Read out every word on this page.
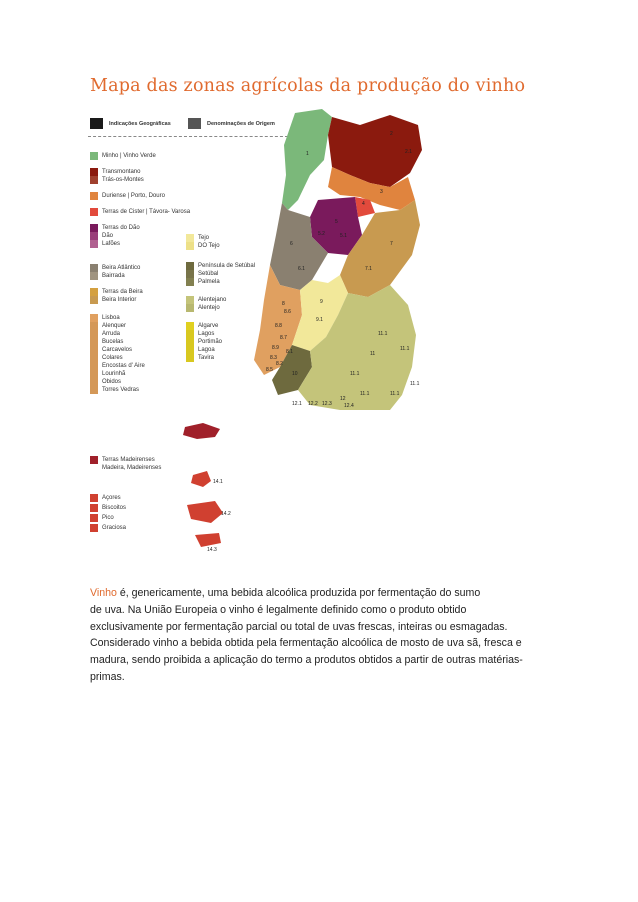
Mapa das zonas agrícolas da produção do vinho
Indicações Geográficas	Denominações de Origem
Minho | Vinho Verde
Transmontano
Trás-os-Montes
Duriense | Porto, Douro
Terras de Cister | Távora- Varosa
Terras do Dão
Dão
Lafões
Beira Atlântico
Bairrada
Terras da Beira
Beira Interior
Lisboa
Alenquer
Arruda
Bucelas
Carcavelos
Colares
Encostas d' Aire
Lourinhã
Obidos
Torres Vedras
Tejo
DO Tejo
Península de Setúbal
Setúbal
Palmela
Alentejano
Alentejo
Algarve
Lagos
Portimão
Lagoa
Tavira
Terras Madeirenses
Madeira, Madeirenses
Açores
Biscoitos
Pico
Graciosa
1
2
2.1
3
4
5
5.1
5.2
6
6.1
7
7.1
8
8.6
8.8
8.7
8.9
8.3
8.2
8.5
8.1
9
9.1
10
11
11.1
11.1
11.1
11.1	11.1
11.1
12
12.1 12.2 12.3 12.4
14.1
14.2
14.3
Vinho é, genericamente, uma bebida alcoólica produzida por fermentação do sumo
de uva. Na União Europeia o vinho é legalmente definido como o produto obtido
exclusivamente por fermentação parcial ou total de uvas frescas, inteiras ou esmagadas.
Considerado vinho a bebida obtida pela fermentação alcoólica de mosto de uva sã, fresca e
madura, sendo proibida a aplicação do termo a produtos obtidos a partir de outras matérias-
primas.
